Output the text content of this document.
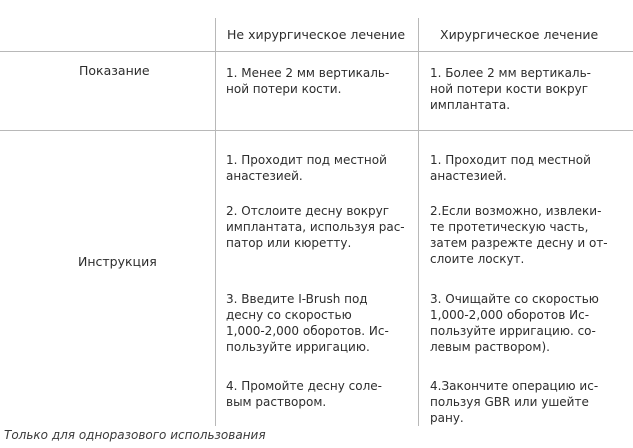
Не хирургическое лечение	Хирургическое лечение
Показание	1. Менее 2 мм вертикаль-
ной потери кости.

1. Более 2 мм вертикаль-
ной потери кости вокруг
имплантата.

Инструкция

1. Проходит под местной
анастезией.

2. Отслоите десну вокруг
имплантата, используя рас-
патор или кюретту.

3. Введите I-Brush под
десну со скоростью
1,000-2,000 оборотов. Ис-
пользуйте ирригацию.

4. Промойте десну соле-
вым раствором.

1. Проходит под местной
анастезией.

2.Если возможно, извлеки-
те протетическую часть,
затем разрежте десну и от-
слоите лоскут.

3. Очищайте со скоростью
1,000-2,000 оборотов Ис-
пользуйте ирригацию. со-
левым раствором).

4.Закончите операцию ис-
пользуя GBR или ушейте
рану.

Только для одноразового использования
